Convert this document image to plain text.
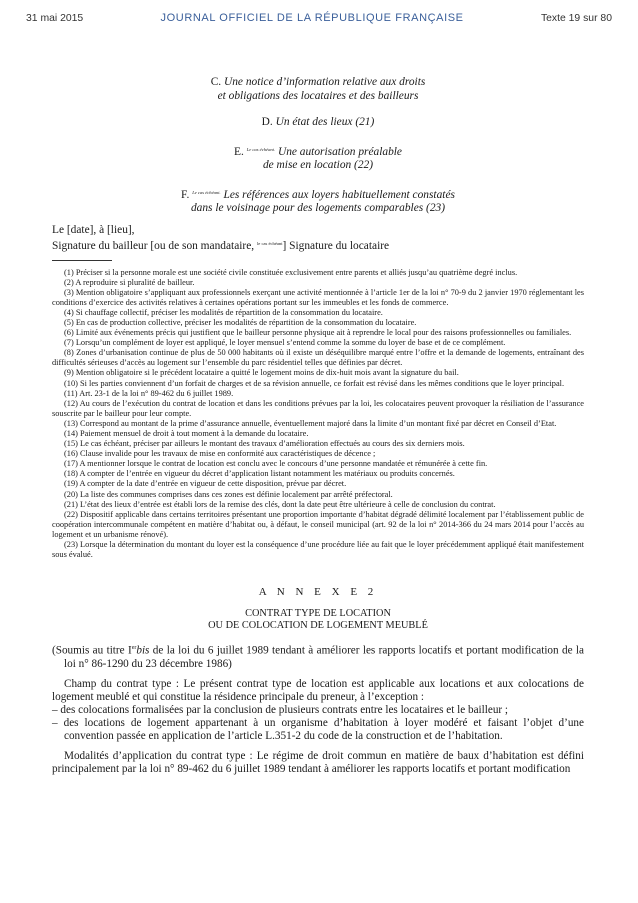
31 mai 2015	JOURNAL OFFICIEL DE LA RÉPUBLIQUE FRANÇAISE	Texte 19 sur 80
C. Une notice d’information relative aux droits
et obligations des locataires et des bailleurs
D. Un état des lieux (21)
E. $^{Le cas échéant.}$ Une autorisation préalable
de mise en location (22)
F. $^{Le cas échéant.}$ Les références aux loyers habituellement constatés
dans le voisinage pour des logements comparables (23)
Le [date], à [lieu],
Signature du bailleur [ou de son mandataire, $^{le cas échéant}$] Signature du locataire

(1) Préciser si la personne morale est une société civile constituée exclusivement entre parents et alliés jusqu’au quatrième degré inclus.

(2) A reproduire si pluralité de bailleur.

(3) Mention obligatoire s’appliquant aux professionnels exerçant une activité mentionnée à l’article 1er de la loi n° 70-9 du 2 janvier 1970 réglementant les conditions d’exercice des activités relatives à certaines opérations portant sur les immeubles et les fonds de commerce.

(4) Si chauffage collectif, préciser les modalités de répartition de la consommation du locataire.

(5) En cas de production collective, préciser les modalités de répartition de la consommation du locataire.

(6) Limité aux événements précis qui justifient que le bailleur personne physique ait à reprendre le local pour des raisons professionnelles ou familiales.

(7) Lorsqu’un complément de loyer est appliqué, le loyer mensuel s’entend comme la somme du loyer de base et de ce complément.

(8) Zones d’urbanisation continue de plus de 50 000 habitants où il existe un déséquilibre marqué entre l’offre et la demande de logements, entraînant des difficultés sérieuses d’accès au logement sur l’ensemble du parc résidentiel telles que définies par décret.

(9) Mention obligatoire si le précédent locataire a quitté le logement moins de dix-huit mois avant la signature du bail.

(10) Si les parties conviennent d’un forfait de charges et de sa révision annuelle, ce forfait est révisé dans les mêmes conditions que le loyer principal.

(11) Art. 23-1 de la loi n° 89-462 du 6 juillet 1989.

(12) Au cours de l’exécution du contrat de location et dans les conditions prévues par la loi, les colocataires peuvent provoquer la résiliation de l’assurance souscrite par le bailleur pour leur compte.

(13) Correspond au montant de la prime d’assurance annuelle, éventuellement majoré dans la limite d’un montant fixé par décret en Conseil d’Etat.

(14) Paiement mensuel de droit à tout moment à la demande du locataire.

(15) Le cas échéant, préciser par ailleurs le montant des travaux d’amélioration effectués au cours des six derniers mois.

(16) Clause invalide pour les travaux de mise en conformité aux caractéristiques de décence ;

(17) A mentionner lorsque le contrat de location est conclu avec le concours d’une personne mandatée et rémunérée à cette fin.

(18) A compter de l’entrée en vigueur du décret d’application listant notamment les matériaux ou produits concernés.

(19) A compter de la date d’entrée en vigueur de cette disposition, prévue par décret.

(20) La liste des communes comprises dans ces zones est définie localement par arrêté préfectoral.

(21) L’état des lieux d’entrée est établi lors de la remise des clés, dont la date peut être ultérieure à celle de conclusion du contrat.

(22) Dispositif applicable dans certains territoires présentant une proportion importante d’habitat dégradé délimité localement par l’établissement public de coopération intercommunale compétent en matière d’habitat ou, à défaut, le conseil municipal (art. 92 de la loi n° 2014-366 du 24 mars 2014 pour l’accès au logement et un urbanisme rénové).

(23) Lorsque la détermination du montant du loyer est la conséquence d’une procédure liée au fait que le loyer précédemment appliqué était manifestement sous évalué.

A N N E X E 2
CONTRAT TYPE DE LOCATION
OU DE COLOCATION DE LOGEMENT MEUBLÉ

(Soumis au titre Ierbis de la loi du 6 juillet 1989 tendant à améliorer les rapports locatifs et portant modification de la loi n° 86-1290 du 23 décembre 1986)

Champ du contrat type : Le présent contrat type de location est applicable aux locations et aux colocations de logement meublé et qui constitue la résidence principale du preneur, à l’exception :

– des colocations formalisées par la conclusion de plusieurs contrats entre les locataires et le bailleur ;

– des locations de logement appartenant à un organisme d’habitation à loyer modéré et faisant l’objet d’une convention passée en application de l’article L.351-2 du code de la construction et de l’habitation.

Modalités d’application du contrat type : Le régime de droit commun en matière de baux d’habitation est défini principalement par la loi n° 89-462 du 6 juillet 1989 tendant à améliorer les rapports locatifs et portant modification
